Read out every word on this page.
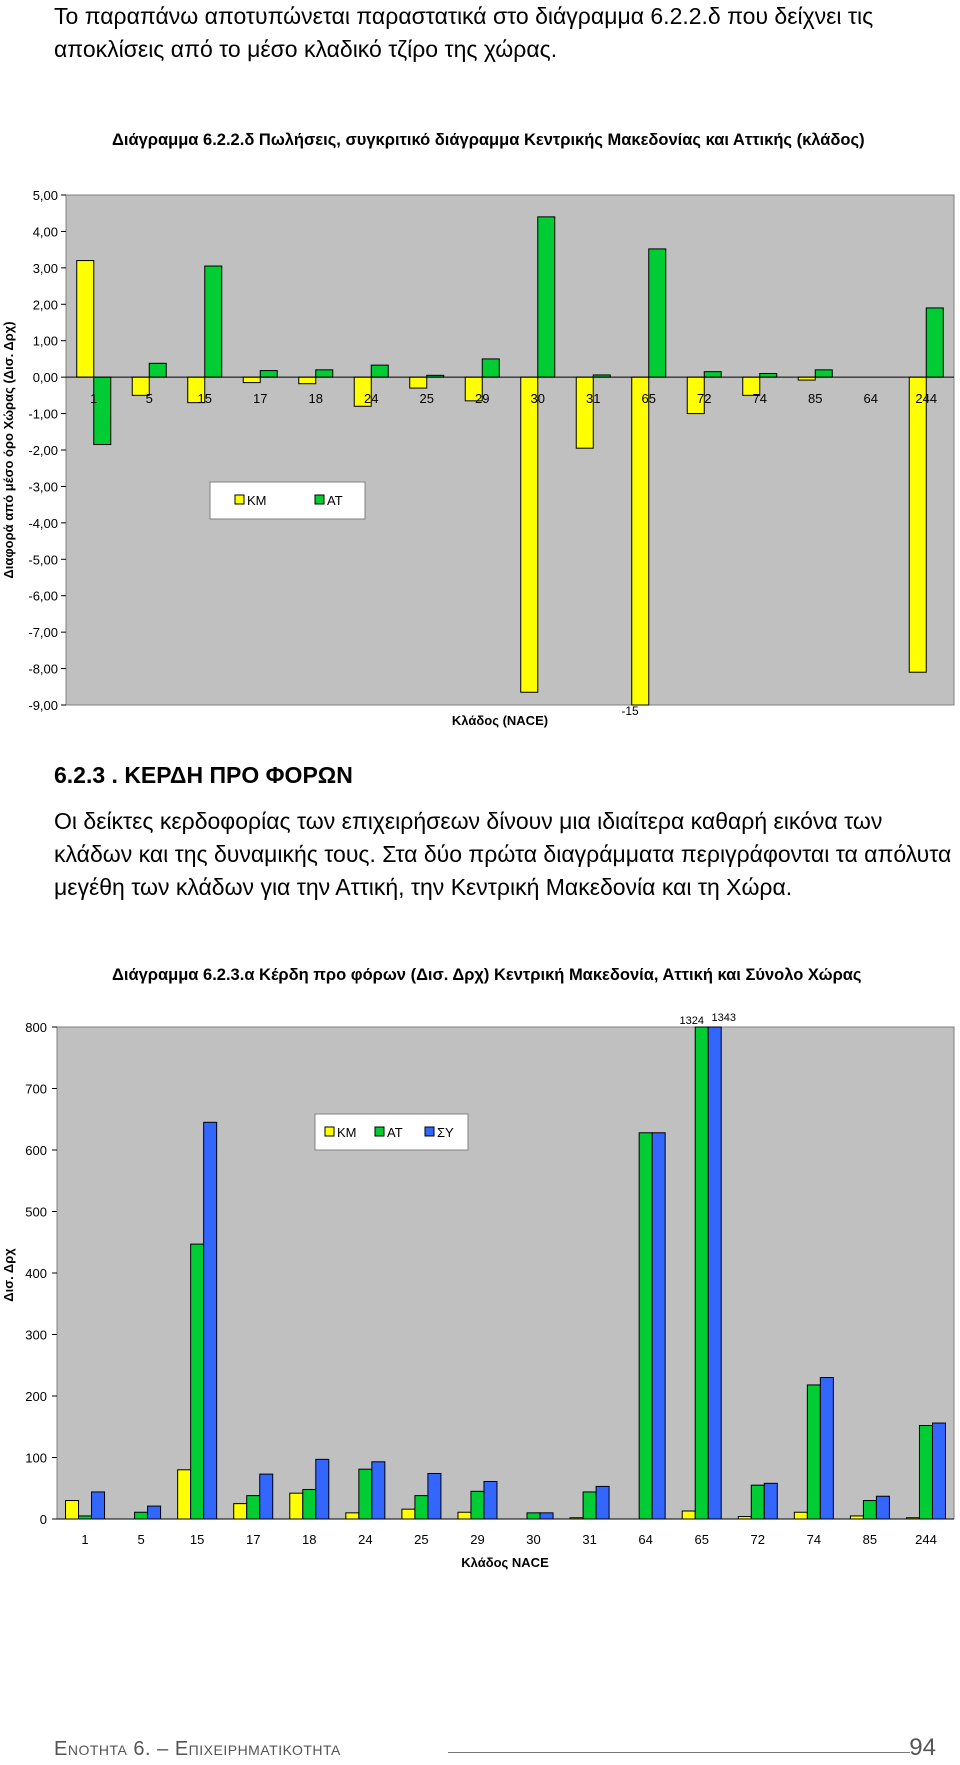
Το παραπάνω αποτυπώνεται παραστατικά στο διάγραμμα 6.2.2.δ που δείχνει τις αποκλίσεις από το μέσο κλαδικό τζίρο της χώρας.
Διάγραμμα 6.2.2.δ Πωλήσεις, συγκριτικό διάγραμμα Κεντρικής Μακεδονίας και Αττικής (κλάδος)
6.2.3 . ΚΕΡΔΗ ΠΡΟ ΦΟΡΩΝ
Οι δείκτες κερδοφορίας των επιχειρήσεων δίνουν μια ιδιαίτερα καθαρή εικόνα των κλάδων και της δυναμικής τους. Στα δύο πρώτα διαγράμματα περιγράφονται τα απόλυτα μεγέθη των κλάδων για την Αττική, την Κεντρική Μακεδονία και τη Χώρα.
Διάγραμμα 6.2.3.α Κέρδη προ φόρων (Δισ. Δρχ) Κεντρική Μακεδονία, Αττική και Σύνολο Χώρας
5,00
4,00
3,00
2,00
1,00
0,00
-1,00
-2,00
-3,00
-4,00
-5,00
-6,00
-7,00
-8,00
-9,00
1	5	15	17	18	24	25	29	30	31	65	72	74	85	64	244
ΚΜ	ΑΤ
-15
Κλάδος (NACE)
Διαφορά από μέσο όρο Χώρας (Δισ. Δρχ)
800
700
600
500
400
300
200
100
0
1	5	15	17	18	24	25	29	30	31	64	65	72	74	85	244
1324 1343
ΚΜ ΑΤ	ΣΥ
Κλάδος NACE
Δισ. Δρχ
Ενοτητα 6. – Επιχειρηματικοτητα	94
